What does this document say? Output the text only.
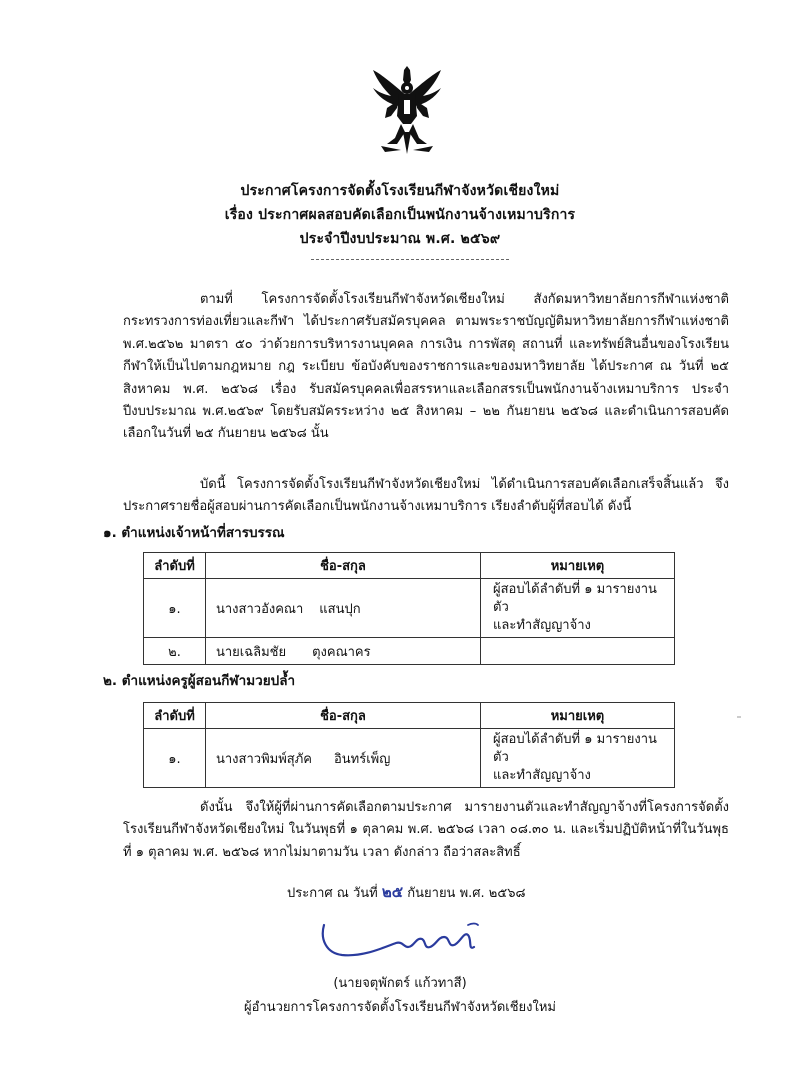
ประกาศโครงการจัดตั้งโรงเรียนกีฬาจังหวัดเชียงใหม่
เรื่อง ประกาศผลสอบคัดเลือกเป็นพนักงานจ้างเหมาบริการ
ประจำปีงบประมาณ พ.ศ. ๒๕๖๙
ตามที่ โครงการจัดตั้งโรงเรียนกีฬาจังหวัดเชียงใหม่ สังกัดมหาวิทยาลัยการกีฬาแห่งชาติ กระทรวงการท่องเที่ยวและกีฬา ได้ประกาศรับสมัครบุคคล ตามพระราชบัญญัติมหาวิทยาลัยการกีฬาแห่งชาติ พ.ศ.๒๕๖๒ มาตรา ๕๐ ว่าด้วยการบริหารงานบุคคล การเงิน การพัสดุ สถานที่ และทรัพย์สินอื่นของโรงเรียนกีฬาให้เป็นไปตามกฎหมาย กฎ ระเบียบ ข้อบังคับของราชการและของมหาวิทยาลัย ได้ประกาศ ณ วันที่ ๒๕ สิงหาคม พ.ศ. ๒๕๖๘ เรื่อง รับสมัครบุคคลเพื่อสรรหาและเลือกสรรเป็นพนักงานจ้างเหมาบริการ ประจำปีงบประมาณ พ.ศ.๒๕๖๙ โดยรับสมัครระหว่าง ๒๕ สิงหาคม – ๒๒ กันยายน ๒๕๖๘ และดำเนินการสอบคัดเลือกในวันที่ ๒๕ กันยายน ๒๕๖๘ นั้น
บัดนี้ โครงการจัดตั้งโรงเรียนกีฬาจังหวัดเชียงใหม่ ได้ดำเนินการสอบคัดเลือกเสร็จสิ้นแล้ว จึงประกาศรายชื่อผู้สอบผ่านการคัดเลือกเป็นพนักงานจ้างเหมาบริการ เรียงลำดับผู้ที่สอบได้ ดังนี้
๑. ตำแหน่งเจ้าหน้าที่สารบรรณ
ลำดับที่	ชื่อ-สกุล	หมายเหตุ
๑.	นางสาวอังคณา แสนปุก	ผู้สอบได้ลำดับที่ ๑ มารายงานตัว
และทำสัญญาจ้าง

๒.	นายเฉลิมชัย ตุงคณาคร	
๒. ตำแหน่งครูผู้สอนกีฬามวยปล้ำ
ลำดับที่	ชื่อ-สกุล	หมายเหตุ
๑.	นางสาวพิมพ์สุภัค อินทร์เพ็ญ	ผู้สอบได้ลำดับที่ ๑ มารายงานตัว
และทำสัญญาจ้าง
ดังนั้น จึงให้ผู้ที่ผ่านการคัดเลือกตามประกาศ มารายงานตัวและทำสัญญาจ้างที่โครงการจัดตั้งโรงเรียนกีฬาจังหวัดเชียงใหม่ ในวันพุธที่ ๑ ตุลาคม พ.ศ. ๒๕๖๘ เวลา ๐๘.๓๐ น. และเริ่มปฏิบัติหน้าที่ในวันพุธที่ ๑ ตุลาคม พ.ศ. ๒๕๖๘ หากไม่มาตามวัน เวลา ดังกล่าว ถือว่าสละสิทธิ์
ประกาศ ณ วันที่ ๒๕ กันยายน พ.ศ. ๒๕๖๘
(นายจตุพักตร์ แก้วทาสี)
ผู้อำนวยการโครงการจัดตั้งโรงเรียนกีฬาจังหวัดเชียงใหม่
